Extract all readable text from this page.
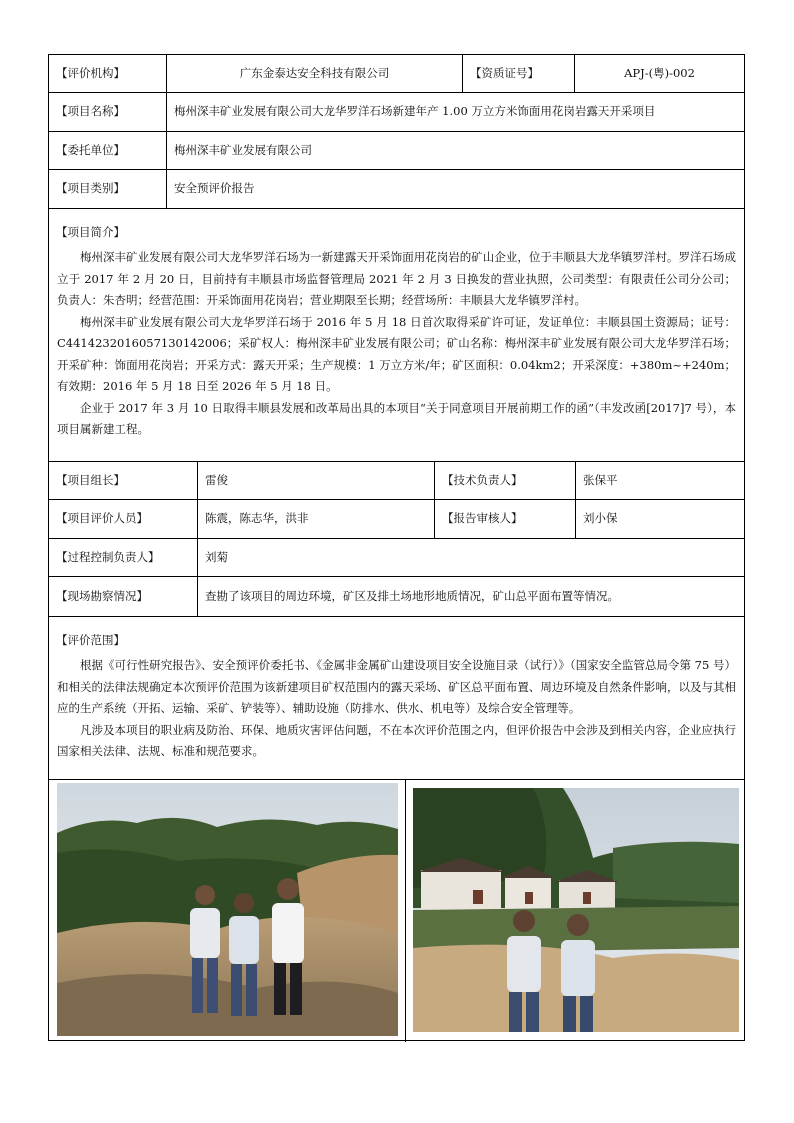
【评价机构】	广东金泰达安全科技有限公司	【资质证号】	APJ-(粤)-002
【项目名称】	梅州深丰矿业发展有限公司大龙华罗洋石场新建年产 1.00 万立方米饰面用花岗岩露天开采项目
【委托单位】	梅州深丰矿业发展有限公司
【项目类别】	安全预评价报告
【项目简介】

梅州深丰矿业发展有限公司大龙华罗洋石场为一新建露天开采饰面用花岗岩的矿山企业，位于丰顺县大龙华镇罗洋村。罗洋石场成立于 2017 年 2 月 20 日，目前持有丰顺县市场监督管理局 2021 年 2 月 3 日换发的营业执照，公司类型：有限责任公司分公司；负责人：朱杏明；经营范围：开采饰面用花岗岩；营业期限至长期；经营场所：丰顺县大龙华镇罗洋村。

梅州深丰矿业发展有限公司大龙华罗洋石场于 2016 年 5 月 18 日首次取得采矿许可证，发证单位：丰顺县国土资源局；证号：C4414232016057130142006；采矿权人：梅州深丰矿业发展有限公司；矿山名称：梅州深丰矿业发展有限公司大龙华罗洋石场；开采矿种：饰面用花岗岩；开采方式：露天开采；生产规模：1 万立方米/年；矿区面积：0.04km2；开采深度：+380m~+240m；有效期：2016 年 5 月 18 日至 2026 年 5 月 18 日。

企业于 2017 年 3 月 10 日取得丰顺县发展和改革局出具的本项目“关于同意项目开展前期工作的函”（丰发改函[2017]7 号），本项目属新建工程。

【项目组长】	雷俊	【技术负责人】	张保平
【项目评价人员】	陈震，陈志华，洪非	【报告审核人】	刘小保
【过程控制负责人】	刘菊
【现场勘察情况】	查勘了该项目的周边环境，矿区及排土场地形地质情况，矿山总平面布置等情况。
【评价范围】

根据《可行性研究报告》、安全预评价委托书、《金属非金属矿山建设项目安全设施目录（试行）》（国家安全监管总局令第 75 号）和相关的法律法规确定本次预评价范围为该新建项目矿权范围内的露天采场、矿区总平面布置、周边环境及自然条件影响，以及与其相应的生产系统（开拓、运输、采矿、铲装等）、辅助设施（防排水、供水、机电等）及综合安全管理等。

凡涉及本项目的职业病及防治、环保、地质灾害评估问题，不在本次评价范围之内，但评价报告中会涉及到相关内容，企业应执行国家相关法律、法规、标准和规范要求。
